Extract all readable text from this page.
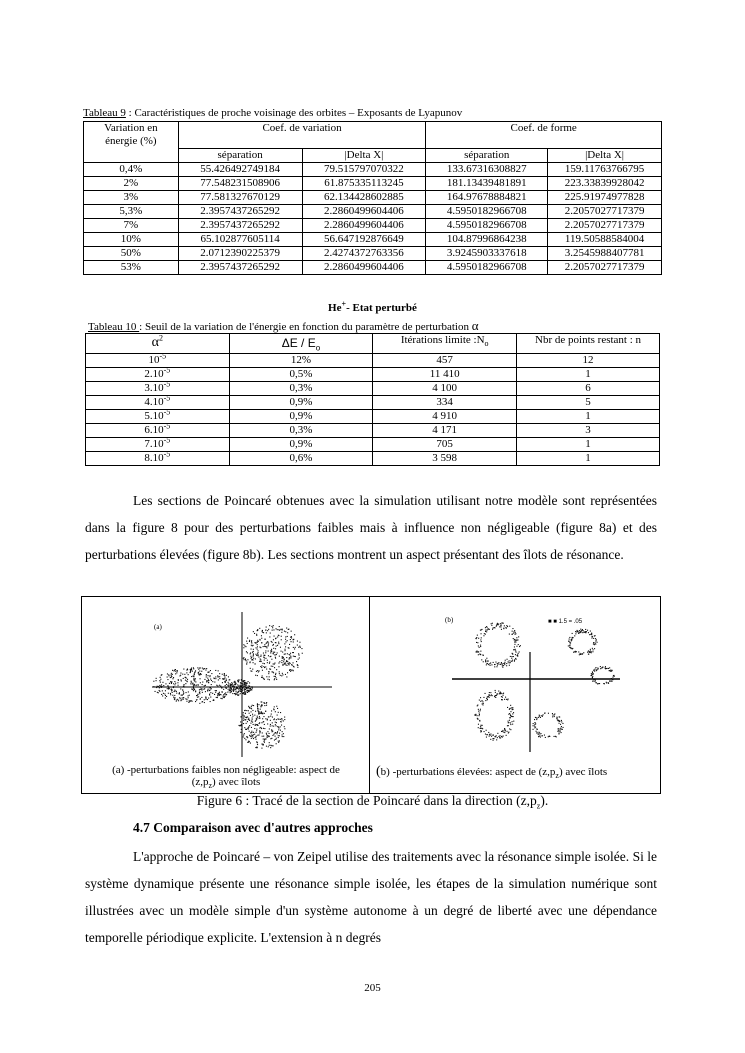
Tableau 9 : Caractéristiques de proche voisinage des orbites – Exposants de Lyapunov
Variation en énergie (%)	Coef. de variation		Coef. de forme	
	séparation	|Delta X|	séparation	|Delta X|
0,4%	55.426492749184	79.515797070322	133.67316308827	159.11763766795
2%	77.548231508906	61.875335113245	181.13439481891	223.33839928042
3%	77.581327670129	62.134428602885	164.97678884821	225.91974977828
5,3%	2.3957437265292	2.2860499604406	4.5950182966708	2.2057027717379
7%	2.3957437265292	2.2860499604406	4.5950182966708	2.2057027717379
10%	65.102877605114	56.647192876649	104.87996864238	119.50588584004
50%	2.0712390225379	2.4274372763356	3.9245903337618	3.2545988407781
53%	2.3957437265292	2.2860499604406	4.5950182966708	2.2057027717379
He+- Etat perturbé
Tableau 10 : Seuil de la variation de l'énergie en fonction du paramètre de perturbation α
$\alpha^2$	ΔE / $E_o$	Itérations limite $:N_o$	Nbr de points restant : n
$10^{-5}$	12%	457	12
$2.10^{-5}$	0,5%	11 410	1
$3.10^{-5}$	0,3%	4 100	6
$4.10^{-5}$	0,9%	334	5
$5.10^{-5}$	0,9%	4 910	1
$6.10^{-5}$	0,3%	4 171	3
$7.10^{-5}$	0,9%	705	1
$8.10^{-5}$	0,6%	3 598	1

Les sections de Poincaré obtenues avec la simulation utilisant notre modèle sont représentées dans la figure 8 pour des perturbations faibles mais à influence non négligeable (figure 8a) et des perturbations élevées (figure 8b). Les sections montrent un aspect présentant des îlots de résonance.

(a)
(b)	■ ■ 1.5 = .05
(a) -perturbations faibles non négligeable: aspect de
$(z,p_z)$ avec îlots
(b) -perturbations élevées: aspect de $(z,p_z)$ avec îlots
Figure 6 : Tracé de la section de Poincaré dans la direction $(z,p_z)$.
4.7 Comparaison avec d'autres approches

L'approche de Poincaré – von Zeipel utilise des traitements avec la résonance simple isolée. Si le système dynamique présente une résonance simple isolée, les étapes de la simulation numérique sont illustrées avec un modèle simple d'un système autonome à un degré de liberté avec une dépendance temporelle périodique explicite. L'extension à n degrés

205
